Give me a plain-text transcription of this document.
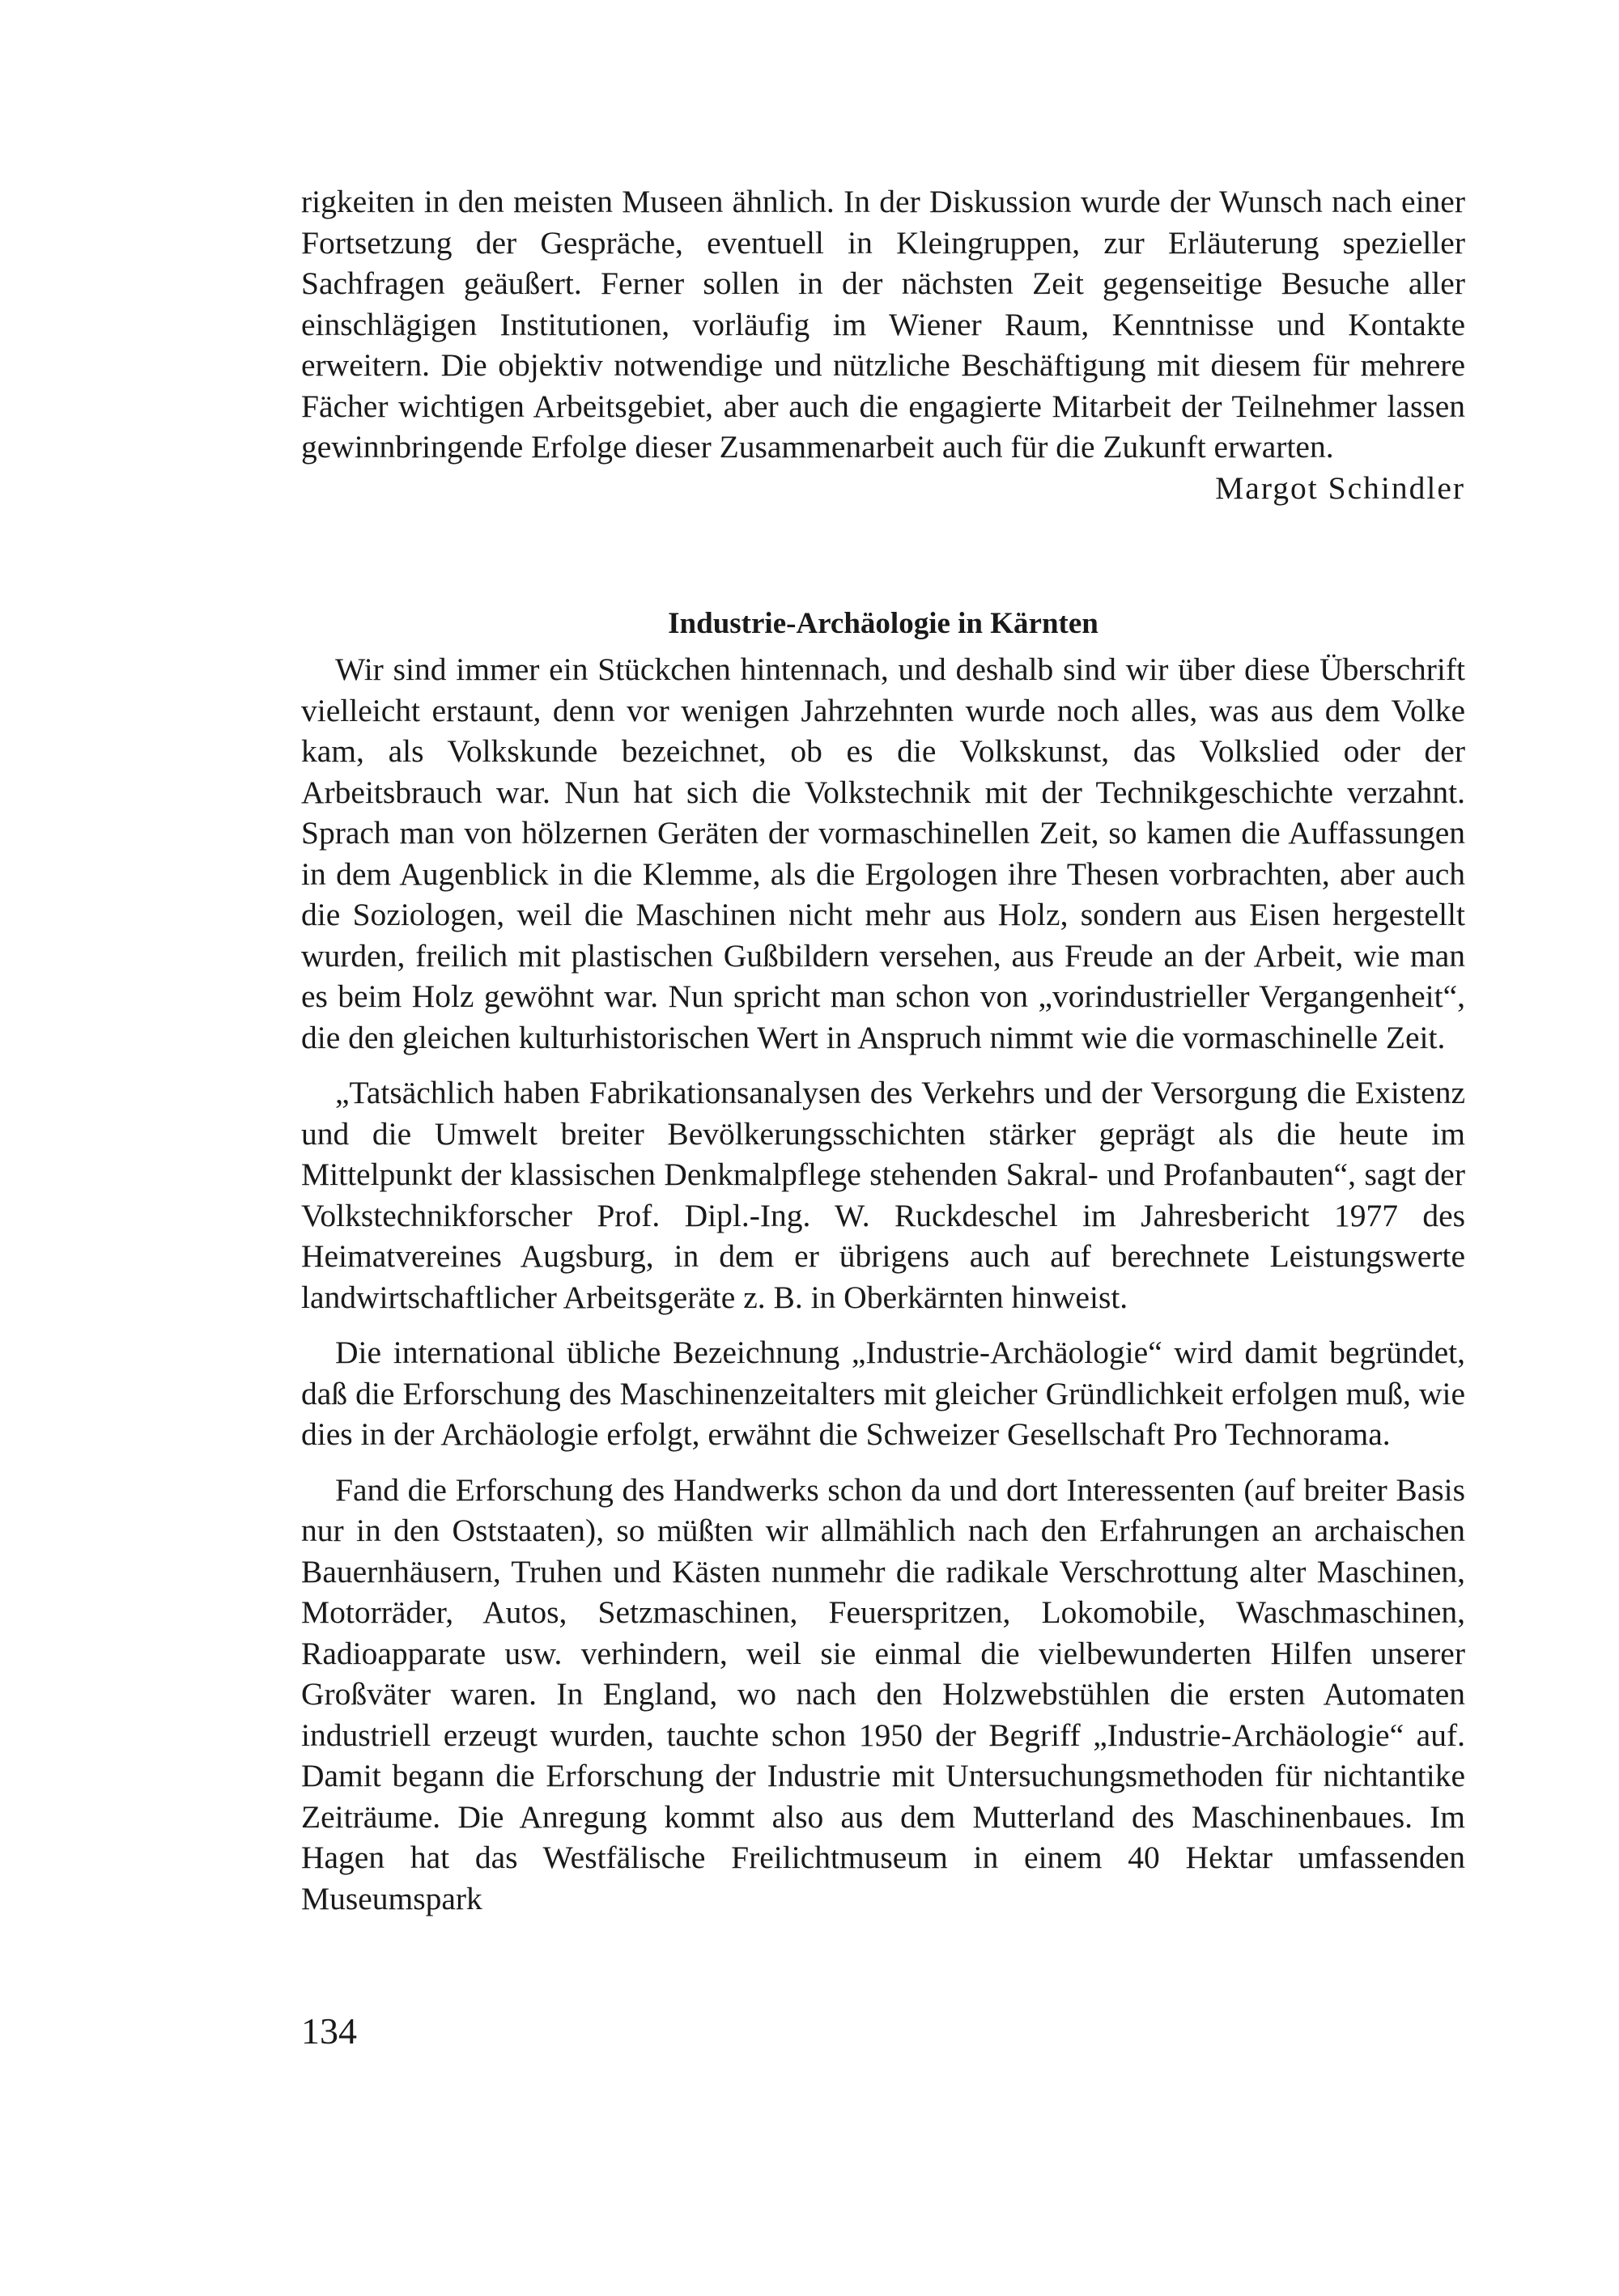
rigkeiten in den meisten Museen ähnlich. In der Diskussion wurde der Wunsch nach einer Fortsetzung der Gespräche, eventuell in Kleingruppen, zur Erläuterung spezieller Sachfragen geäußert. Ferner sollen in der nächsten Zeit gegenseitige Besuche aller einschlägigen Institutionen, vorläufig im Wiener Raum, Kenntnisse und Kontakte erweitern. Die objektiv notwendige und nützliche Beschäftigung mit diesem für mehrere Fächer wichtigen Arbeitsgebiet, aber auch die engagierte Mitarbeit der Teilnehmer lassen gewinnbringende Erfolge dieser Zusammenarbeit auch für die Zukunft erwarten.

Margot Schindler

Industrie-Archäologie in Kärnten

Wir sind immer ein Stückchen hintennach, und deshalb sind wir über diese Überschrift vielleicht erstaunt, denn vor wenigen Jahrzehnten wurde noch alles, was aus dem Volke kam, als Volkskunde bezeichnet, ob es die Volkskunst, das Volkslied oder der Arbeitsbrauch war. Nun hat sich die Volkstechnik mit der Technikgeschichte verzahnt. Sprach man von hölzernen Geräten der vormaschinellen Zeit, so kamen die Auffassungen in dem Augenblick in die Klemme, als die Ergologen ihre Thesen vorbrachten, aber auch die Soziologen, weil die Maschinen nicht mehr aus Holz, sondern aus Eisen hergestellt wurden, freilich mit plastischen Gußbildern versehen, aus Freude an der Arbeit, wie man es beim Holz gewöhnt war. Nun spricht man schon von „vorindustrieller Vergangenheit“, die den gleichen kulturhistorischen Wert in Anspruch nimmt wie die vormaschinelle Zeit.

„Tatsächlich haben Fabrikationsanalysen des Verkehrs und der Versorgung die Existenz und die Umwelt breiter Bevölkerungsschichten stärker geprägt als die heute im Mittelpunkt der klassischen Denkmalpflege stehenden Sakral- und Profanbauten“, sagt der Volkstechnikforscher Prof. Dipl.-Ing. W. Ruckdeschel im Jahresbericht 1977 des Heimatvereines Augsburg, in dem er übrigens auch auf berechnete Leistungswerte landwirtschaftlicher Arbeitsgeräte z. B. in Oberkärnten hinweist.

Die international übliche Bezeichnung „Industrie-Archäologie“ wird damit begründet, daß die Erforschung des Maschinenzeitalters mit gleicher Gründlichkeit erfolgen muß, wie dies in der Archäologie erfolgt, erwähnt die Schweizer Gesellschaft Pro Technorama.

Fand die Erforschung des Handwerks schon da und dort Interessenten (auf breiter Basis nur in den Oststaaten), so müßten wir allmählich nach den Erfahrungen an archaischen Bauernhäusern, Truhen und Kästen nunmehr die radikale Verschrottung alter Maschinen, Motorräder, Autos, Setzmaschinen, Feuerspritzen, Lokomobile, Waschmaschinen, Radioapparate usw. verhindern, weil sie einmal die vielbewunderten Hilfen unserer Großväter waren. In England, wo nach den Holzwebstühlen die ersten Automaten industriell erzeugt wurden, tauchte schon 1950 der Begriff „Industrie-Archäologie“ auf. Damit begann die Erforschung der Industrie mit Untersuchungsmethoden für nichtantike Zeiträume. Die Anregung kommt also aus dem Mutterland des Maschinenbaues. Im Hagen hat das Westfälische Freilichtmuseum in einem 40 Hektar umfassenden Museumspark

134
